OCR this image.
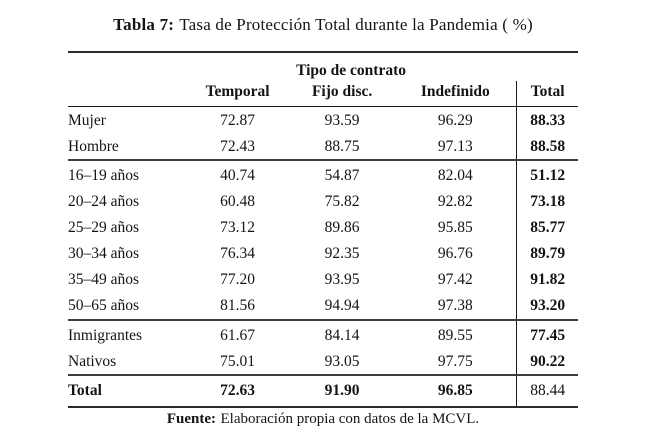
Tabla 7: Tasa de Protección Total durante la Pandemia ( %)
	Tipo de contrato			
	Temporal	Fijo disc.	Indefinido	Total
Mujer	72.87	93.59	96.29	88.33
Hombre	72.43	88.75	97.13	88.58
16–19 años	40.74	54.87	82.04	51.12
20–24 años	60.48	75.82	92.82	73.18
25–29 años	73.12	89.86	95.85	85.77
30–34 años	76.34	92.35	96.76	89.79
35–49 años	77.20	93.95	97.42	91.82
50–65 años	81.56	94.94	97.38	93.20
Inmigrantes	61.67	84.14	89.55	77.45
Nativos	75.01	93.05	97.75	90.22
Total	72.63	91.90	96.85	88.44
Fuente: Elaboración propia con datos de la MCVL.
